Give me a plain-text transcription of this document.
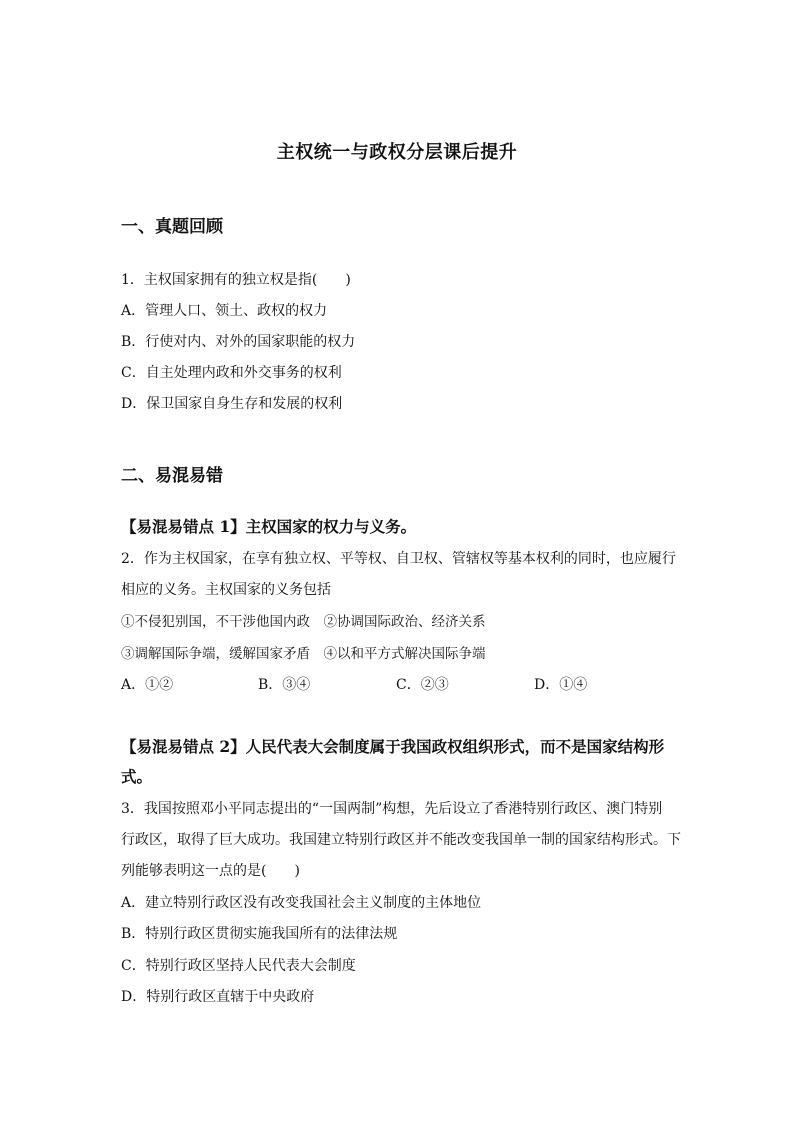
主权统一与政权分层课后提升
一、真题回顾
1．主权国家拥有的独立权是指(　　)
A．管理人口、领土、政权的权力
B．行使对内、对外的国家职能的权力
C．自主处理内政和外交事务的权利
D．保卫国家自身生存和发展的权利
二、易混易错
【易混易错点 1】主权国家的权力与义务。
2．作为主权国家，在享有独立权、平等权、自卫权、管辖权等基本权利的同时，也应履行
相应的义务。主权国家的义务包括
①不侵犯别国，不干涉他国内政　②协调国际政治、经济关系
③调解国际争端，缓解国家矛盾　④以和平方式解决国际争端
A．①②	B．③④	C．②③	D．①④
【易混易错点 2】人民代表大会制度属于我国政权组织形式，而不是国家结构形
式。
3．我国按照邓小平同志提出的“一国两制”构想，先后设立了香港特别行政区、澳门特别
行政区，取得了巨大成功。我国建立特别行政区并不能改变我国单一制的国家结构形式。下
列能够表明这一点的是(　　)
A．建立特别行政区没有改变我国社会主义制度的主体地位
B．特别行政区贯彻实施我国所有的法律法规
C．特别行政区坚持人民代表大会制度
D．特别行政区直辖于中央政府
